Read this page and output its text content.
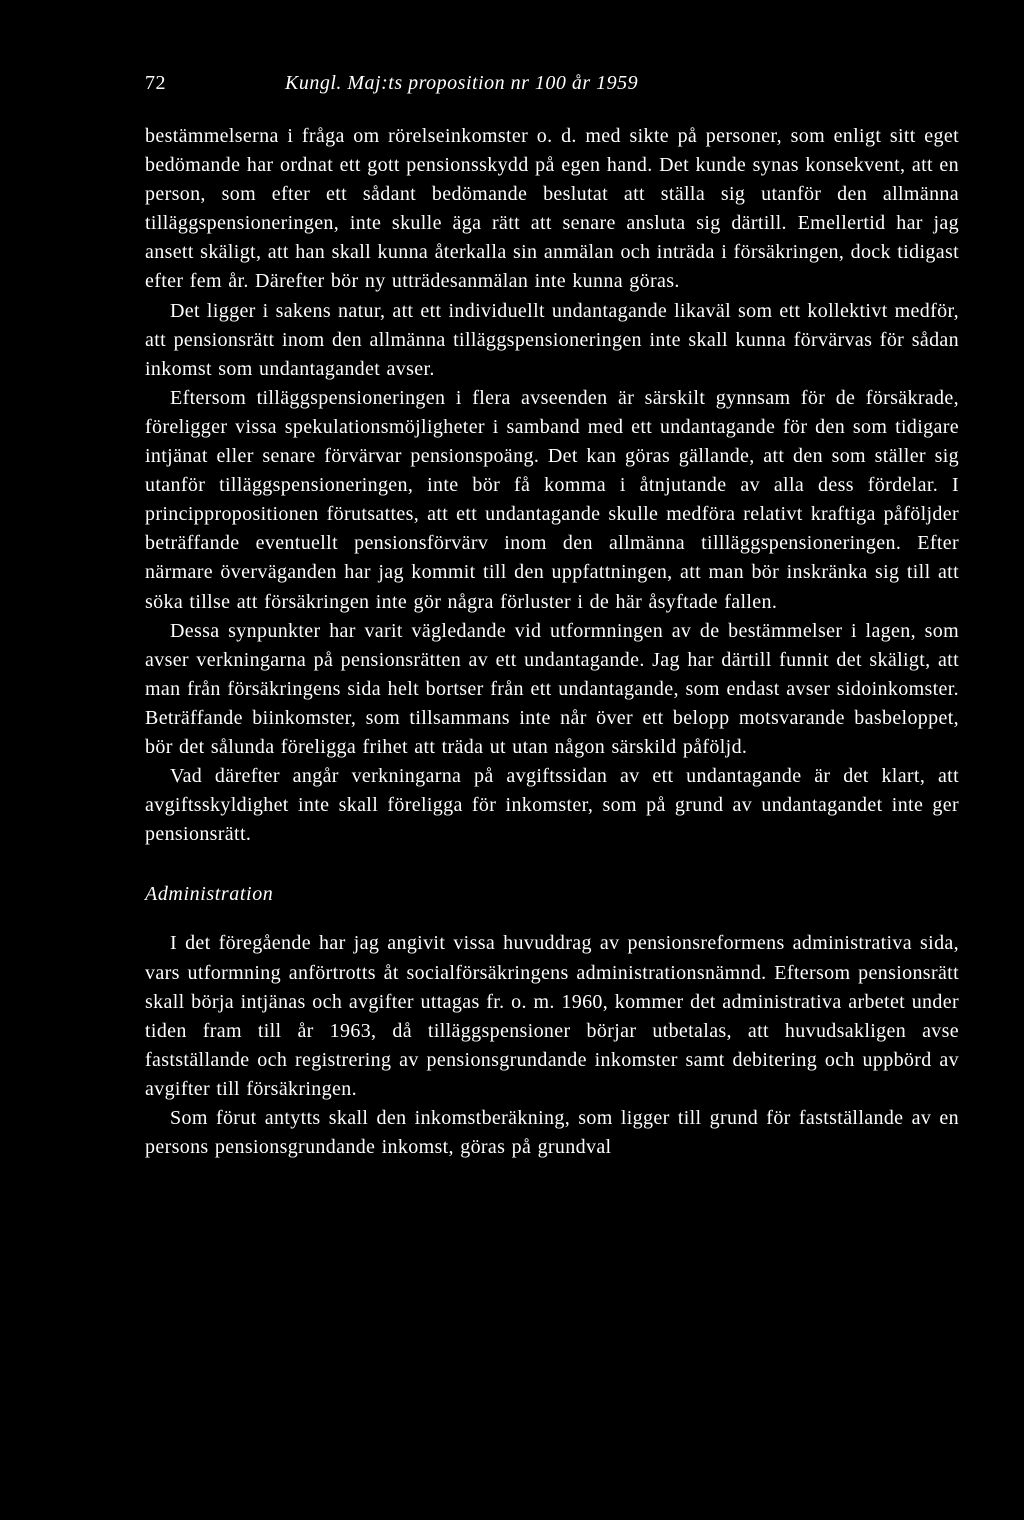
72	Kungl. Maj:ts proposition nr 100 år 1959

bestämmelserna i fråga om rörelseinkomster o. d. med sikte på personer, som enligt sitt eget bedömande har ordnat ett gott pensionsskydd på egen hand. Det kunde synas konsekvent, att en person, som efter ett sådant bedömande beslutat att ställa sig utanför den allmänna tilläggspensioneringen, inte skulle äga rätt att senare ansluta sig därtill. Emellertid har jag ansett skäligt, att han skall kunna återkalla sin anmälan och inträda i försäkringen, dock tidigast efter fem år. Därefter bör ny utträdesanmälan inte kunna göras.

Det ligger i sakens natur, att ett individuellt undantagande likaväl som ett kollektivt medför, att pensionsrätt inom den allmänna tilläggspensioneringen inte skall kunna förvärvas för sådan inkomst som undantagandet avser.

Eftersom tilläggspensioneringen i flera avseenden är särskilt gynnsam för de försäkrade, föreligger vissa spekulationsmöjligheter i samband med ett undantagande för den som tidigare intjänat eller senare förvärvar pensionspoäng. Det kan göras gällande, att den som ställer sig utanför tilläggspensioneringen, inte bör få komma i åtnjutande av alla dess fördelar. I princippropositionen förutsattes, att ett undantagande skulle medföra relativt kraftiga påföljder beträffande eventuellt pensionsförvärv inom den allmänna tillläggspensioneringen. Efter närmare överväganden har jag kommit till den uppfattningen, att man bör inskränka sig till att söka tillse att försäkringen inte gör några förluster i de här åsyftade fallen.

Dessa synpunkter har varit vägledande vid utformningen av de bestämmelser i lagen, som avser verkningarna på pensionsrätten av ett undantagande. Jag har därtill funnit det skäligt, att man från försäkringens sida helt bortser från ett undantagande, som endast avser sidoinkomster. Beträffande biinkomster, som tillsammans inte når över ett belopp motsvarande basbeloppet, bör det sålunda föreligga frihet att träda ut utan någon särskild påföljd.

Vad därefter angår verkningarna på avgiftssidan av ett undantagande är det klart, att avgiftsskyldighet inte skall föreligga för inkomster, som på grund av undantagandet inte ger pensionsrätt.

Administration

I det föregående har jag angivit vissa huvuddrag av pensionsreformens administrativa sida, vars utformning anförtrotts åt socialförsäkringens administrationsnämnd. Eftersom pensionsrätt skall börja intjänas och avgifter uttagas fr. o. m. 1960, kommer det administrativa arbetet under tiden fram till år 1963, då tilläggspensioner börjar utbetalas, att huvudsakligen avse fastställande och registrering av pensionsgrundande inkomster samt debitering och uppbörd av avgifter till försäkringen.

Som förut antytts skall den inkomstberäkning, som ligger till grund för fastställande av en persons pensionsgrundande inkomst, göras på grundval
